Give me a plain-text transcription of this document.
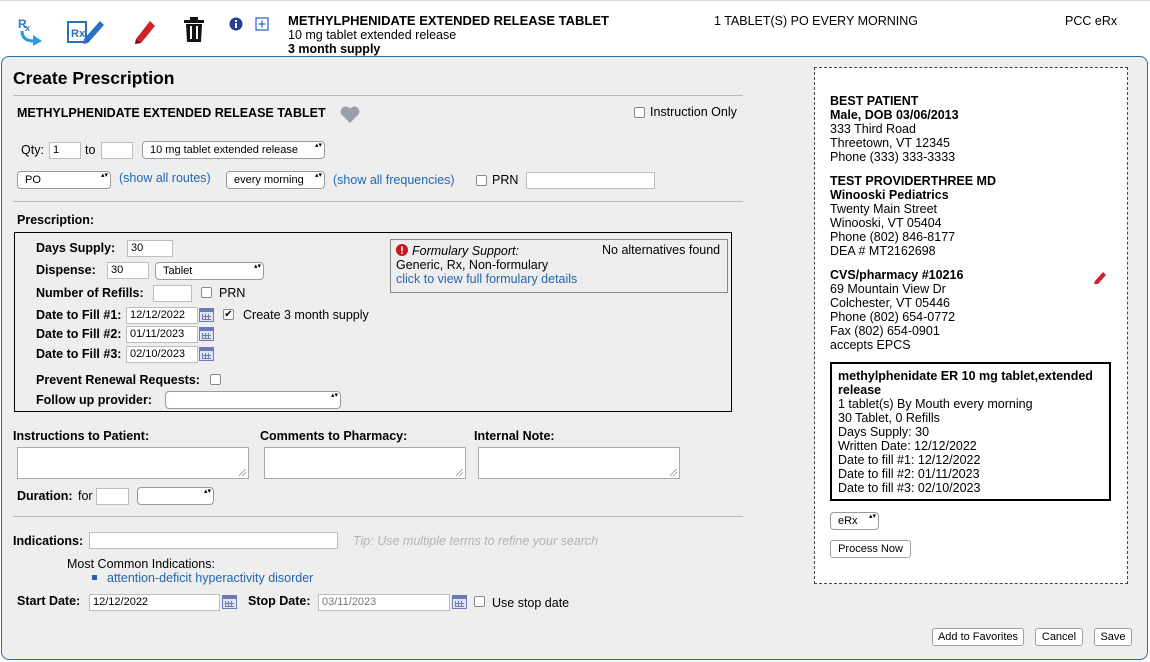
R
x	Rx
METHYLPHENIDATE EXTENDED RELEASE TABLET
10 mg tablet extended release
3 month supply
1 TABLET(S) PO EVERY MORNING	PCC eRx
Create Prescription
METHYLPHENIDATE EXTENDED RELEASE TABLET	Instruction Only
Qty: 1	to	10 mg tablet extended release ▴▾
PO ▴▾	(show all routes)	every morning ▴▾	(show all frequencies)	PRN
Prescription:
Days Supply:	30
Dispense:	30	Tablet ▴▾
Number of Refills:	PRN
Date to Fill #1: 12/12/2022	✔ Create 3 month supply
Date to Fill #2: 01/11/2023
Date to Fill #3: 02/10/2023
Prevent Renewal Requests:
Follow up provider:
▴▾
Formulary Support:	No alternatives found
Generic, Rx, Non-formulary
click to view full formulary details
Instructions to Patient:	Comments to Pharmacy:	Internal Note:
Duration: for
▴▾
Indications:	Tip: Use multiple terms to refine your search
Most Common Indications:
attention-deficit hyperactivity disorder
Start Date:	12/12/2022	Stop Date:	03/11/2023	Use stop date
BEST PATIENT
Male, DOB 03/06/2013
333 Third Road
Threetown, VT 12345
Phone (333) 333-3333
TEST PROVIDERTHREE MD
Winooski Pediatrics
Twenty Main Street
Winooski, VT 05404
Phone (802) 846-8177
DEA # MT2162698
CVS/pharmacy #10216
69 Mountain View Dr
Colchester, VT 05446
Phone (802) 654-0772
Fax (802) 654-0901
accepts EPCS
methylphenidate ER 10 mg tablet,extended release
1 tablet(s) By Mouth every morning
30 Tablet, 0 Refills
Days Supply: 30
Written Date: 12/12/2022
Date to fill #1: 12/12/2022
Date to fill #2: 01/11/2023
Date to fill #3: 02/10/2023
eRx ▴▾
Process Now
Add to Favorites	Cancel	Save
